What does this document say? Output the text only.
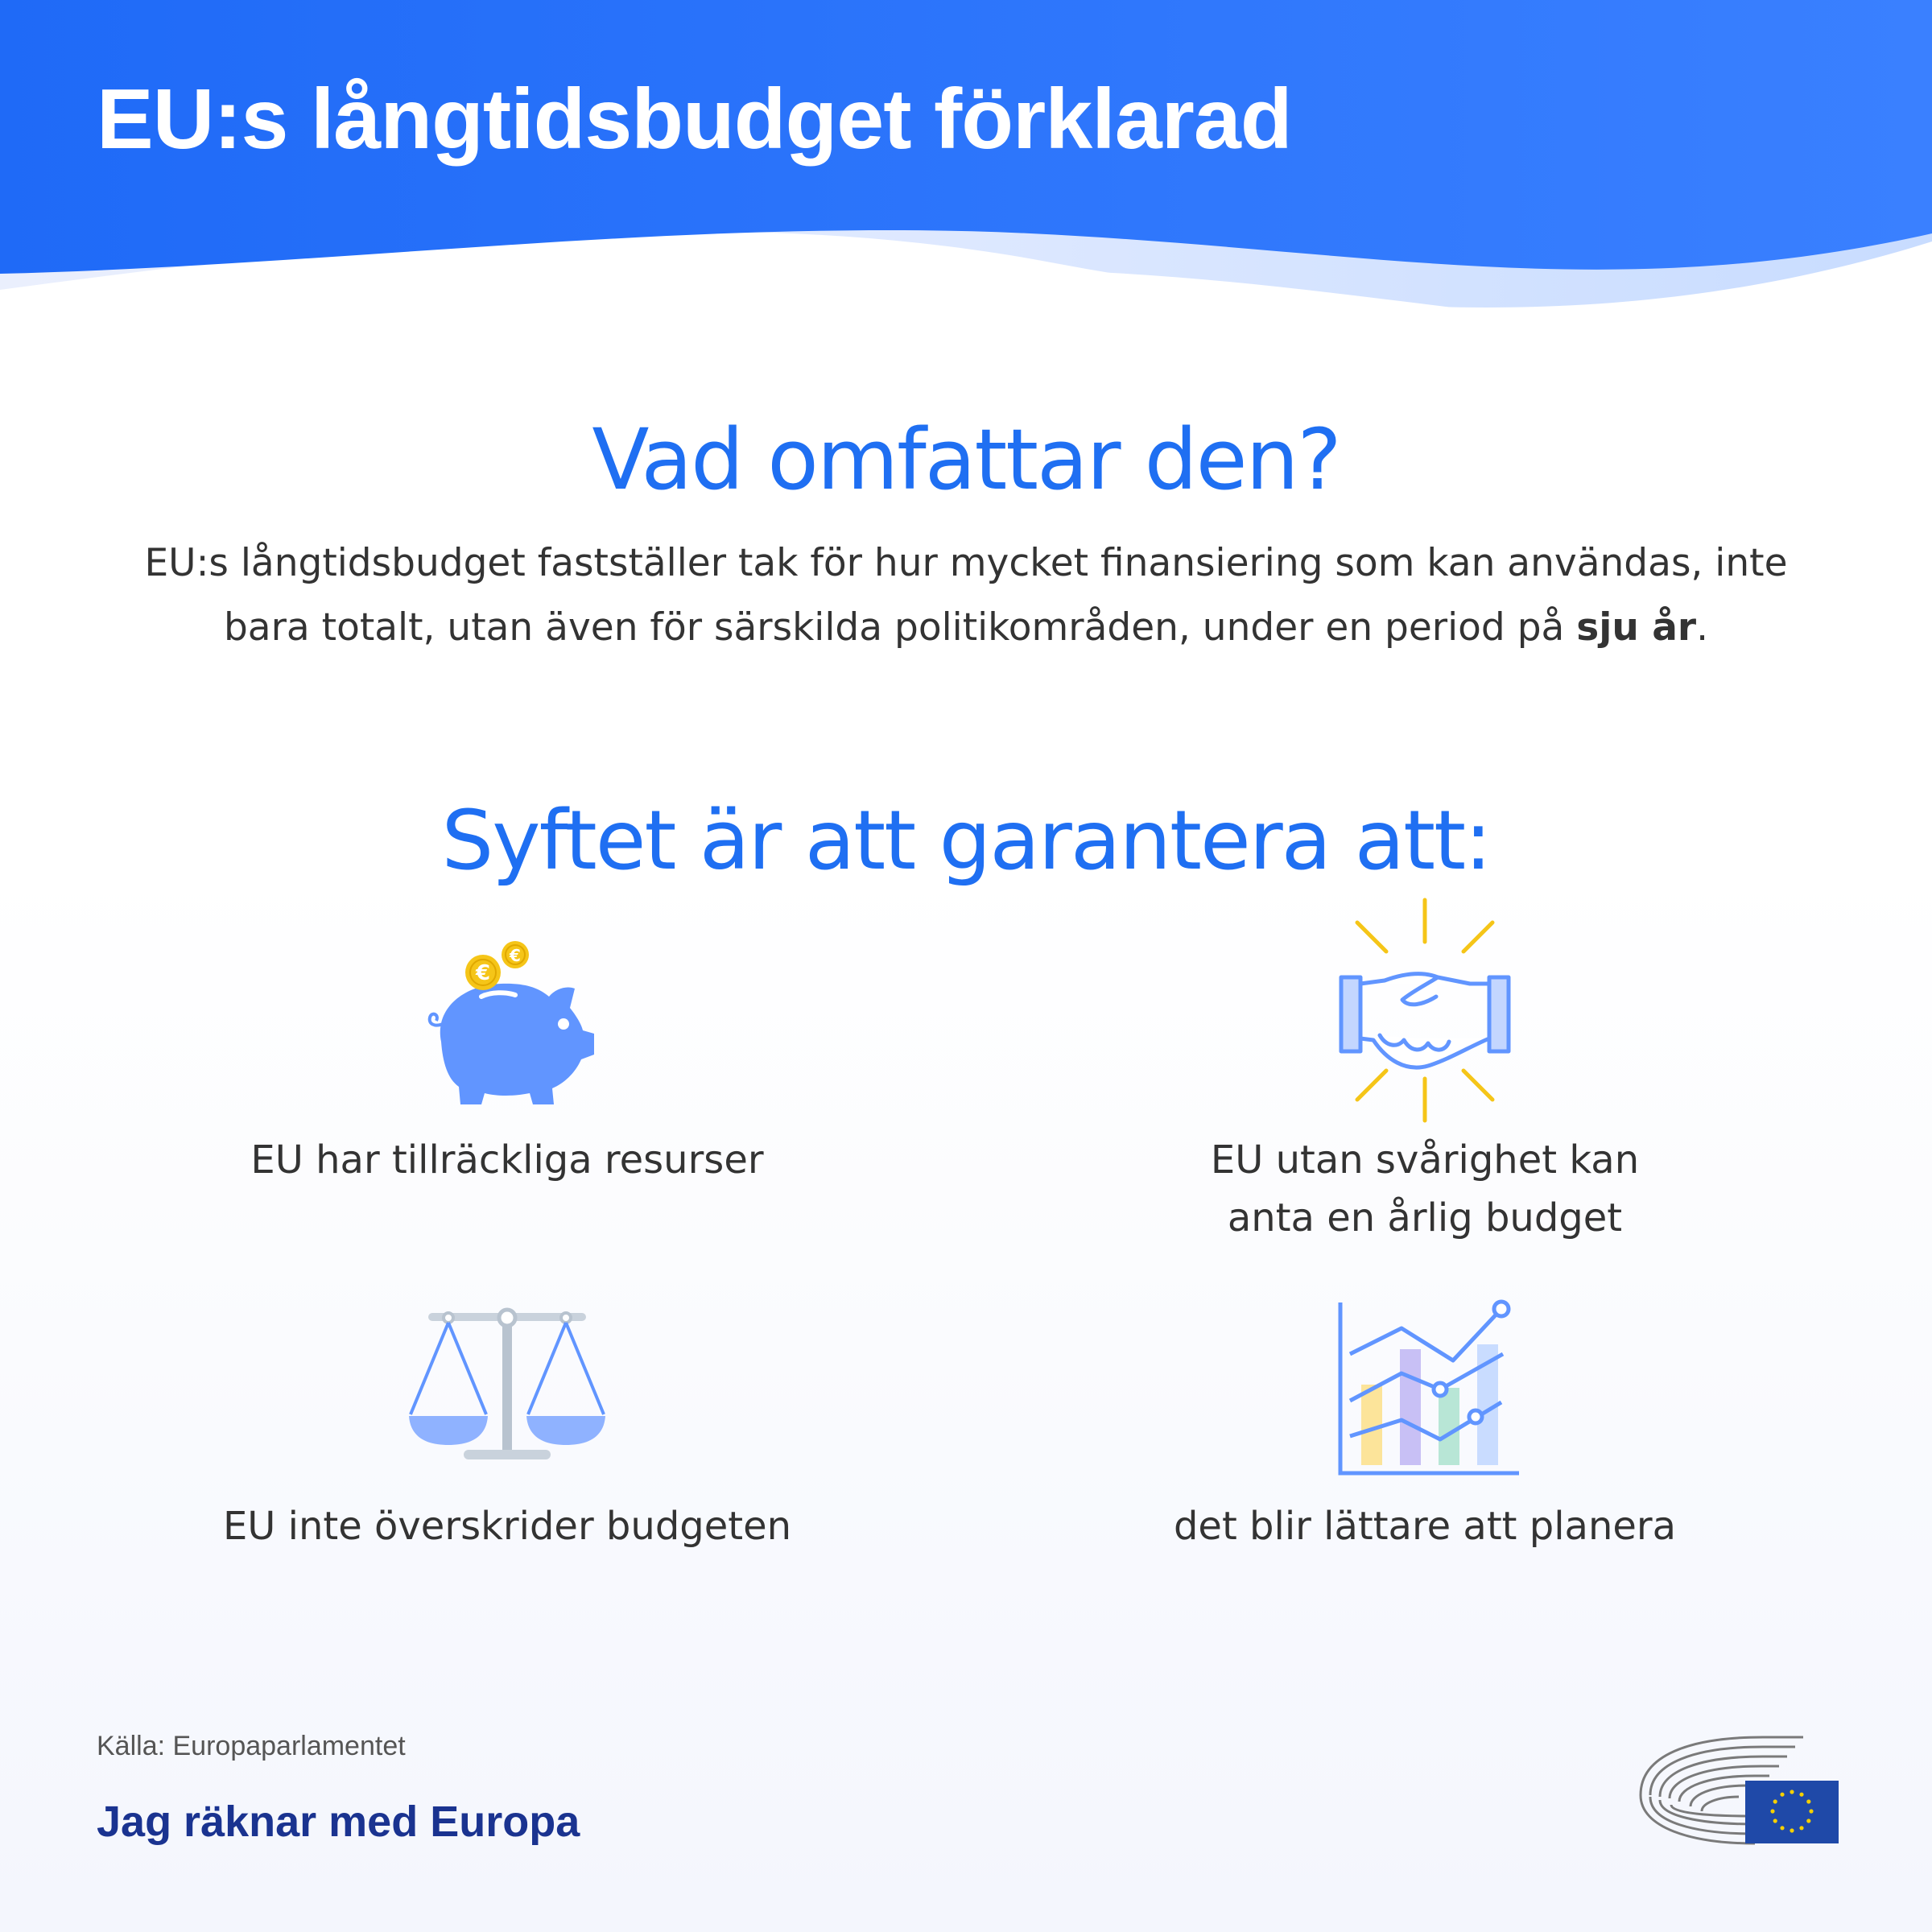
EU:s långtidsbudget förklarad
Vad omfattar den?

EU:s långtidsbudget fastställer tak för hur mycket finansiering som kan användas, inte
bara totalt, utan även för särskilda politikområden, under en period på sju år.

Syftet är att garantera att:
€
€

EU har tillräckliga resurser	EU utan svårighet kan
anta en årlig budget

EU inte överskrider budgeten	det blir lättare att planera

Källa: Europaparlamentet

Jag räknar med Europa
